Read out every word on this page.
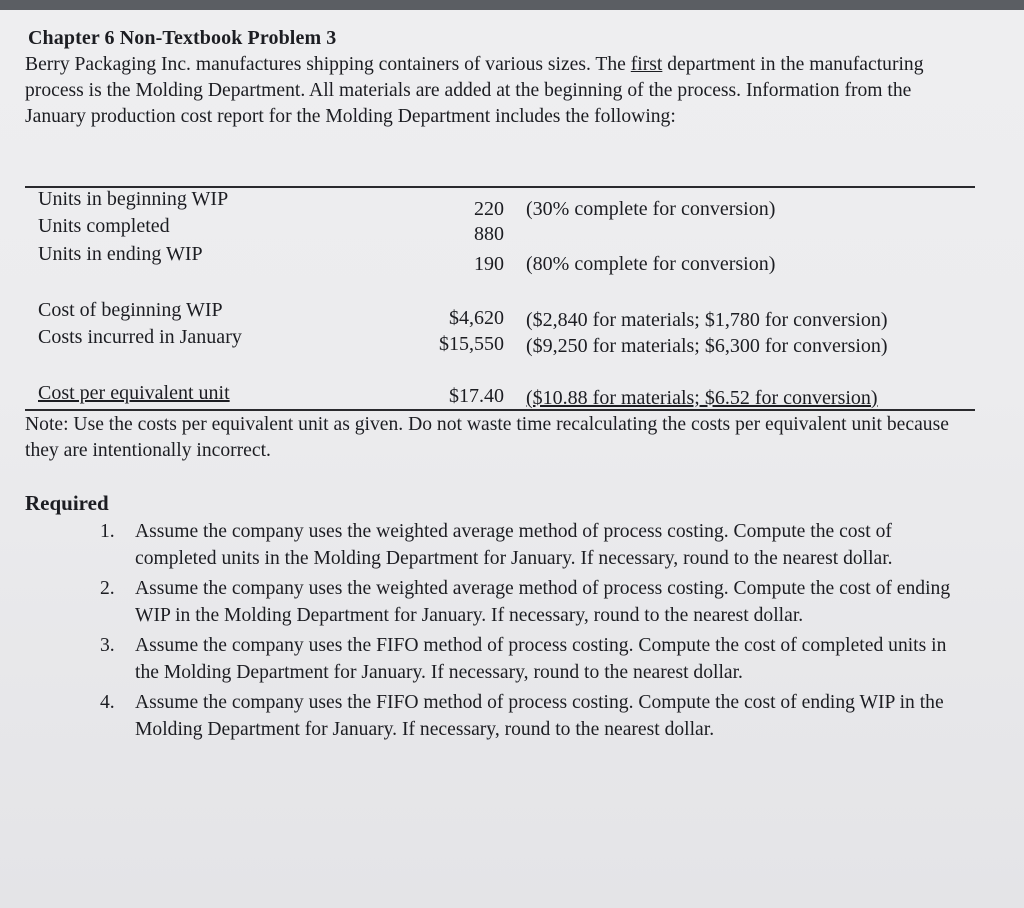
Chapter 6 Non-Textbook Problem 3

Berry Packaging Inc. manufactures shipping containers of various sizes. The first department in the manufacturing process is the Molding Department. All materials are added at the beginning of the process. Information from the January production cost report for the Molding Department includes the following:

Units in beginning WIP	220 (30% complete for conversion)
Units completed	880
Units in ending WIP	190 (80% complete for conversion)
Cost of beginning WIP	$4,620 ($2,840 for materials; $1,780 for conversion)
Costs incurred in January	$15,550 ($9,250 for materials; $6,300 for conversion)
Cost per equivalent unit	$17.40 ($10.88 for materials; $6.52 for conversion)

Note: Use the costs per equivalent unit as given. Do not waste time recalculating the costs per equivalent unit because they are intentionally incorrect.

Required
1. Assume the company uses the weighted average method of process costing. Compute the cost of completed units in the Molding Department for January. If necessary, round to the nearest dollar.
2. Assume the company uses the weighted average method of process costing. Compute the cost of ending WIP in the Molding Department for January. If necessary, round to the nearest dollar.
3. Assume the company uses the FIFO method of process costing. Compute the cost of completed units in the Molding Department for January. If necessary, round to the nearest dollar.
4. Assume the company uses the FIFO method of process costing. Compute the cost of ending WIP in the Molding Department for January. If necessary, round to the nearest dollar.
